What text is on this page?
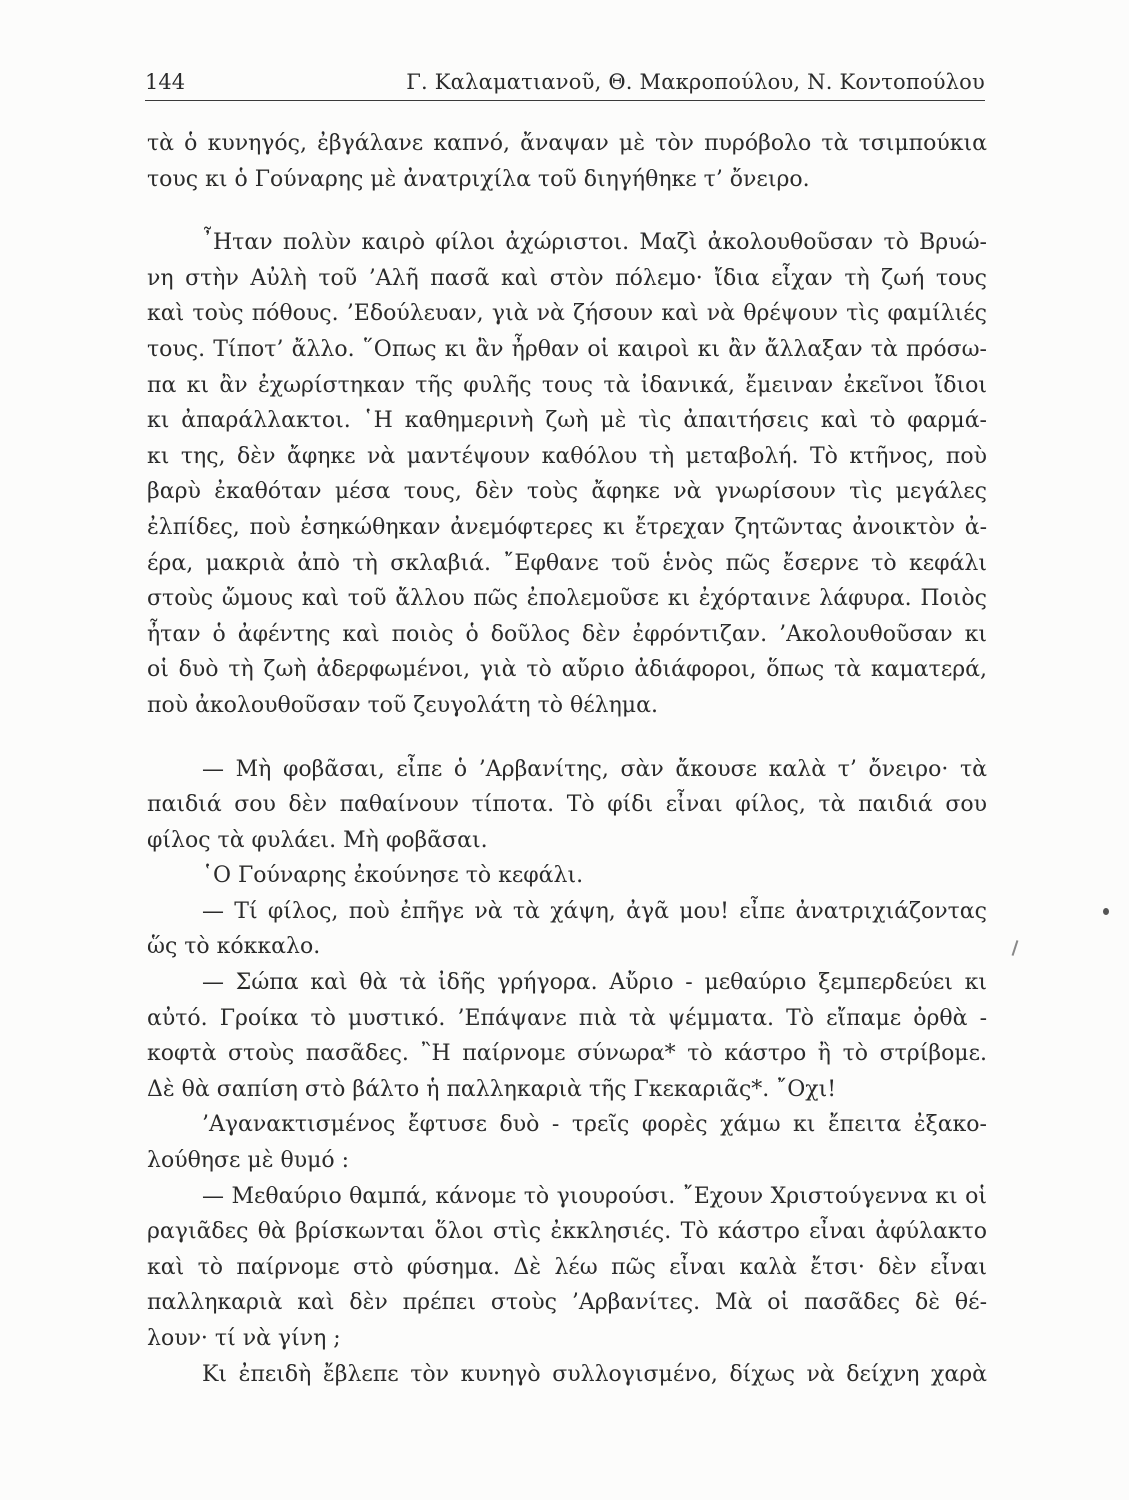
144	Γ. Καλαματιανοῦ, Θ. Μακροπούλου, Ν. Κοντοπούλου
τὰ ὁ κυνηγός, ἐβγάλανε καπνό, ἄναψαν μὲ τὸν πυρόβολο τὰ τσιμπούκια
τους κι ὁ Γούναρης μὲ ἀνατριχίλα τοῦ διηγήθηκε τ’ ὄνειρο.
῏Ηταν πολὺν καιρὸ φίλοι ἀχώριστοι. Μαζὶ ἀκολουθοῦσαν τὸ Βρυώ-
νη στὴν Αὐλὴ τοῦ ’Αλῆ πασᾶ καὶ στὸν πόλεμο· ἴδια εἶχαν τὴ ζωή τους
καὶ τοὺς πόθους. ’Εδούλευαν, γιὰ νὰ ζήσουν καὶ νὰ θρέψουν τὶς φαμίλιές
τους. Τίποτ’ ἄλλο. ῞Οπως κι ἂν ἦρθαν οἱ καιροὶ κι ἂν ἄλλαξαν τὰ πρόσω-
πα κι ἂν ἐχωρίστηκαν τῆς φυλῆς τους τὰ ἰδανικά, ἔμειναν ἐκεῖνοι ἴδιοι
κι ἀπαράλλακτοι. ῾Η καθημερινὴ ζωὴ μὲ τὶς ἀπαιτήσεις καὶ τὸ φαρμά-
κι της, δὲν ἄφηκε νὰ μαντέψουν καθόλου τὴ μεταβολή. Τὸ κτῆνος, ποὺ
βαρὺ ἐκαθόταν μέσα τους, δὲν τοὺς ἄφηκε νὰ γνωρίσουν τὶς μεγάλες
ἐλπίδες, ποὺ ἐσηκώθηκαν ἀνεμόφτερες κι ἔτρεχαν ζητῶντας ἀνοικτὸν ἀ-
έρα, μακριὰ ἀπὸ τὴ σκλαβιά. ῎Εφθανε τοῦ ἑνὸς πῶς ἔσερνε τὸ κεφάλι
στοὺς ὤμους καὶ τοῦ ἄλλου πῶς ἐπολεμοῦσε κι ἐχόρταινε λάφυρα. Ποιὸς
ἦταν ὁ ἀφέντης καὶ ποιὸς ὁ δοῦλος δὲν ἐφρόντιζαν. ’Ακολουθοῦσαν κι
οἱ δυὸ τὴ ζωὴ ἀδερφωμένοι, γιὰ τὸ αὔριο ἀδιάφοροι, ὅπως τὰ καματερά,
ποὺ ἀκολουθοῦσαν τοῦ ζευγολάτη τὸ θέλημα.
— Μὴ φοβᾶσαι, εἶπε ὁ ’Αρβανίτης, σὰν ἄκουσε καλὰ τ’ ὄνειρο· τὰ
παιδιά σου δὲν παθαίνουν τίποτα. Τὸ φίδι εἶναι φίλος, τὰ παιδιά σου
φίλος τὰ φυλάει. Μὴ φοβᾶσαι.
῾Ο Γούναρης ἐκούνησε τὸ κεφάλι.
— Τί φίλος, ποὺ ἐπῆγε νὰ τὰ χάψη, ἀγᾶ μου! εἶπε ἀνατριχιάζοντας
ὥς τὸ κόκκαλο.
— Σώπα καὶ θὰ τὰ ἰδῆς γρήγορα. Αὔριο - μεθαύριο ξεμπερδεύει κι
αὐτό. Γροίκα τὸ μυστικό. ’Επάψανε πιὰ τὰ ψέμματα. Τὸ εἴπαμε ὀρθὰ -
κοφτὰ στοὺς πασᾶδες. ῍Η παίρνομε σύνωρα* τὸ κάστρο ἢ τὸ στρίβομε.
Δὲ θὰ σαπίση στὸ βάλτο ἡ παλληκαριὰ τῆς Γκεκαριᾶς*. ῎Οχι!
’Αγανακτισμένος ἔφτυσε δυὸ - τρεῖς φορὲς χάμω κι ἔπειτα ἐξακο-
λούθησε μὲ θυμό :
— Μεθαύριο θαμπά, κάνομε τὸ γιουρούσι. ῎Εχουν Χριστούγεννα κι οἱ
ραγιᾶδες θὰ βρίσκωνται ὅλοι στὶς ἐκκλησιές. Τὸ κάστρο εἶναι ἀφύλακτο
καὶ τὸ παίρνομε στὸ φύσημα. Δὲ λέω πῶς εἶναι καλὰ ἔτσι· δὲν εἶναι
παλληκαριὰ καὶ δὲν πρέπει στοὺς ’Αρβανίτες. Μὰ οἱ πασᾶδες δὲ θέ-
λουν· τί νὰ γίνη ;
Κι ἐπειδὴ ἔβλεπε τὸν κυνηγὸ συλλογισμένο, δίχως νὰ δείχνη χαρὰ
